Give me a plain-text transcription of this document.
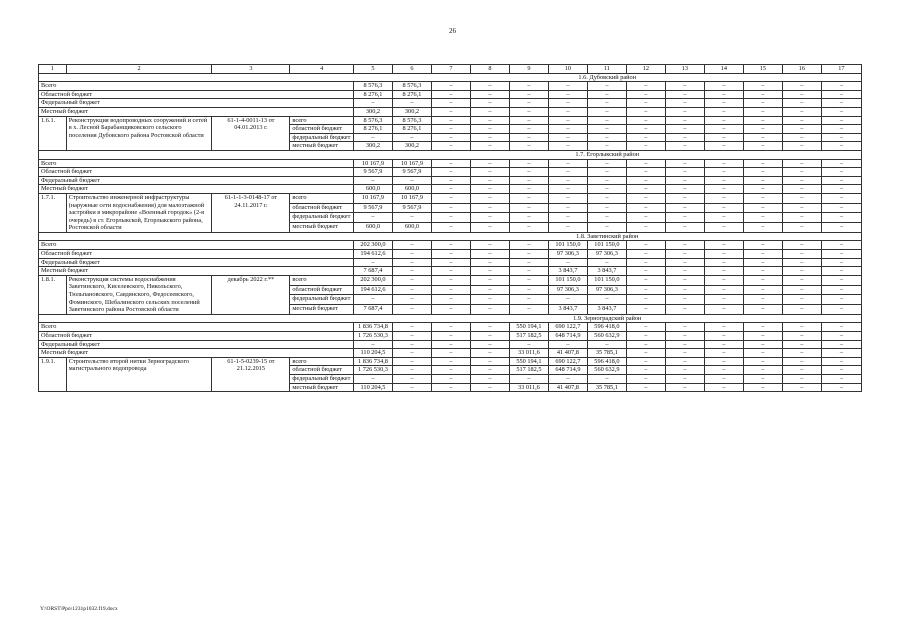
26
1	2	3	4	5	6	7	8	9	10	11	12	13	14	15	16	17
				1.6. Дубовский район												
Всего				8 576,3	8 576,3	–	–	–	–	–	–	–	–	–	–	–
Областной бюджет				8 276,1	8 276,1	–	–	–	–	–	–	–	–	–	–	–
Федеральный бюджет				–	–	–	–	–	–	–	–	–	–	–	–	–
Местный бюджет				300,2	300,2	–	–	–	–	–	–	–	–	–	–	–
1.6.1.	Реконструкция водопроводных сооружений и сетей в х. Лесной Барабанщиковского сельского поселения Дубовского района Ростовской области	61-1-4-0011-13 от 04.01.2013 г.	всего	8 576,3	8 576,3	–	–	–	–	–	–	–	–	–	–	–
			областной бюджет	8 276,1	8 276,1	–	–	–	–	–	–	–	–	–	–	–
			федеральный бюджет	–	–	–	–	–	–	–	–	–	–	–	–	–
			местный бюджет	300,2	300,2	–	–	–	–	–	–	–	–	–	–	–
				1.7. Егорлыкский район												
Всего				10 167,9	10 167,9	–	–	–	–	–	–	–	–	–	–	–
Областной бюджет				9 567,9	9 567,9	–	–	–	–	–	–	–	–	–	–	–
Федеральный бюджет				–	–	–	–	–	–	–	–	–	–	–	–	–
Местный бюджет				600,0	600,0	–	–	–	–	–	–	–	–	–	–	–
1.7.1.	Строительство инженерной инфраструктуры (наружные сети водоснабжения) для малоэтажной застройки в микрорайоне «Военный городок» (2-я очередь) в ст. Егорлыкской, Егорлыкского района, Ростовской области	61-1-1-3-0148-17 от 24.11.2017 г.	всего	10 167,9	10 167,9	–	–	–	–	–	–	–	–	–	–	–
			областной бюджет	9 567,9	9 567,9	–	–	–	–	–	–	–	–	–	–	–
			федеральный бюджет	–	–	–	–	–	–	–	–	–	–	–	–	–
			местный бюджет	600,0	600,0	–	–	–	–	–	–	–	–	–	–	–
				1.8. Заветинский район												
Всего				202 300,0	–	–	–	–	101 150,0	101 150,0	–	–	–	–	–	–
Областной бюджет				194 612,6	–	–	–	–	97 306,3	97 306,3	–	–	–	–	–	–
Федеральный бюджет				–	–	–	–	–	–	–	–	–	–	–	–	–
Местный бюджет				7 687,4	–	–	–	–	3 843,7	3 843,7	–	–	–	–	–	–
1.8.1.	Реконструкция системы водоснабжения Заветинского, Киселевского, Никольского, Тюльпановского, Савдянского, Федосеевского, Фоминского, Шебалинского сельских поселений Заветинского района Ростовской области	декабрь 2022 г.**	всего	202 300,0	–	–	–	–	101 150,0	101 150,0	–	–	–	–	–	–
			областной бюджет	194 612,6	–	–	–	–	97 306,3	97 306,3	–	–	–	–	–	–
			федеральный бюджет	–	–	–	–	–	–	–	–	–	–	–	–	–
			местный бюджет	7 687,4	–	–	–	–	3 843,7	3 843,7	–	–	–	–	–	–
				1.9. Зерноградский район												
Всего				1 836 734,8	–	–	–	550 194,1	690 122,7	596 418,0	–	–	–	–	–	–
Областной бюджет				1 726 530,3	–	–	–	517 182,5	648 714,9	560 632,9	–	–	–	–	–	–
Федеральный бюджет				–	–	–	–	–	–	–	–	–	–	–	–	–
Местный бюджет				110 204,5	–	–	–	33 011,6	41 407,8	35 785,1	–	–	–	–	–	–
1.9.1.	Строительство второй нитки Зерноградского магистрального водопровода	61-1-5-0239-15 от 21.12.2015	всего	1 836 734,8	–	–	–	550 194,1	690 122,7	596 418,0	–	–	–	–	–	–
			областной бюджет	1 726 530,3	–	–	–	517 182,5	648 714,9	560 632,9	–	–	–	–	–	–
			федеральный бюджет	–	–	–	–	–	–	–	–	–	–	–	–	–
			местный бюджет	110 204,5	–	–	–	33 011,6	41 407,8	35 785,1	–	–	–	–	–	–
Y:\ORST\Ppo\1231p1032.f19.docx
